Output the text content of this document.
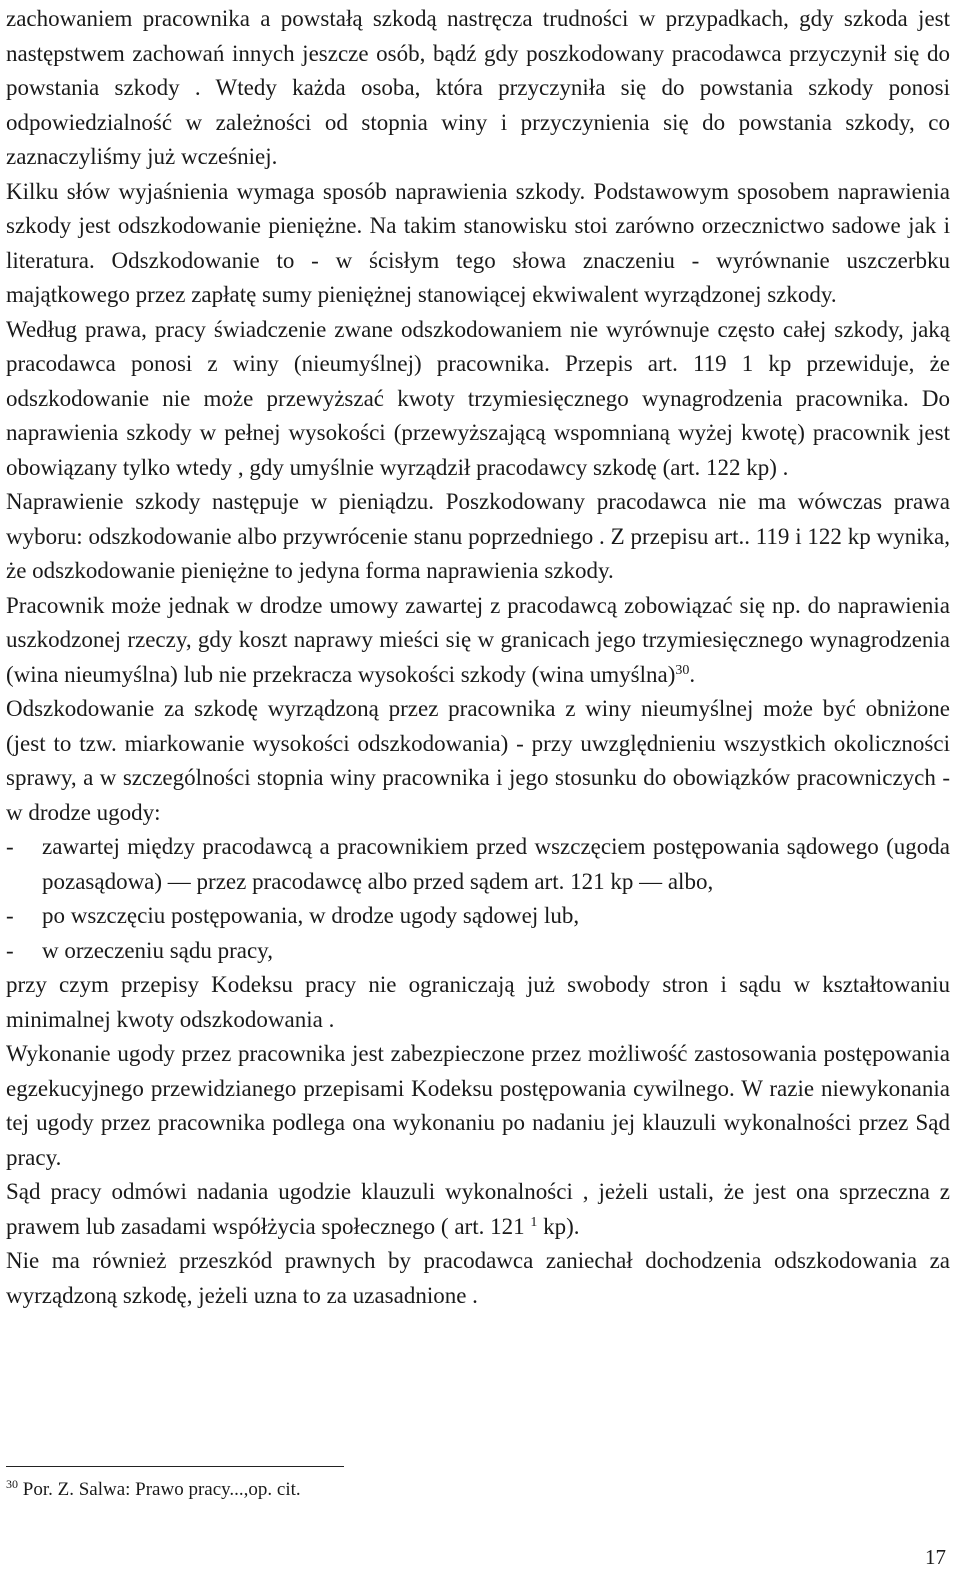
zachowaniem pracownika a powstałą szkodą nastręcza trudności w przypadkach, gdy szkoda jest następstwem zachowań innych jeszcze osób, bądź gdy poszkodowany pracodawca przyczynił się do powstania szkody . Wtedy każda osoba, która przyczyniła się do powstania szkody ponosi odpowiedzialność w zależności od stopnia winy i przyczynienia się do powstania szkody, co zaznaczyliśmy już wcześniej.

Kilku słów wyjaśnienia wymaga sposób naprawienia szkody. Podstawowym sposobem naprawienia szkody jest odszkodowanie pieniężne. Na takim stanowisku stoi zarówno orzecznictwo sadowe jak i literatura. Odszkodowanie to - w ścisłym tego słowa znaczeniu - wyrównanie uszczerbku majątkowego przez zapłatę sumy pieniężnej stanowiącej ekwiwalent wyrządzonej szkody.

Według prawa, pracy świadczenie zwane odszkodowaniem nie wyrównuje często całej szkody, jaką pracodawca ponosi z winy (nieumyślnej) pracownika. Przepis art. 119 1 kp przewiduje, że odszkodowanie nie może przewyższać kwoty trzymiesięcznego wynagrodzenia pracownika. Do naprawienia szkody w pełnej wysokości (przewyższającą wspomnianą wyżej kwotę) pracownik jest obowiązany tylko wtedy , gdy umyślnie wyrządził pracodawcy szkodę (art. 122 kp) .

Naprawienie szkody następuje w pieniądzu. Poszkodowany pracodawca nie ma wówczas prawa wyboru: odszkodowanie albo przywrócenie stanu poprzedniego . Z przepisu art.. 119 i 122 kp wynika, że odszkodowanie pieniężne to jedyna forma naprawienia szkody.

Pracownik może jednak w drodze umowy zawartej z pracodawcą zobowiązać się np. do naprawienia uszkodzonej rzeczy, gdy koszt naprawy mieści się w granicach jego trzymiesięcznego wynagrodzenia (wina nieumyślna) lub nie przekracza wysokości szkody (wina umyślna)$^{30}$.

Odszkodowanie za szkodę wyrządzoną przez pracownika z winy nieumyślnej może być obniżone (jest to tzw. miarkowanie wysokości odszkodowania) - przy uwzględnieniu wszystkich okoliczności sprawy, a w szczególności stopnia winy pracownika i jego stosunku do obowiązków pracowniczych - w drodze ugody:

- zawartej między pracodawcą a pracownikiem przed wszczęciem postępowania sądowego (ugoda pozasądowa) ― przez pracodawcę albo przed sądem art. 121 kp ― albo,
- po wszczęciu postępowania, w drodze ugody sądowej lub,
- w orzeczeniu sądu pracy,

przy czym przepisy Kodeksu pracy nie ograniczają już swobody stron i sądu w kształtowaniu minimalnej kwoty odszkodowania .

Wykonanie ugody przez pracownika jest zabezpieczone przez możliwość zastosowania postępowania egzekucyjnego przewidzianego przepisami Kodeksu postępowania cywilnego. W razie niewykonania tej ugody przez pracownika podlega ona wykonaniu po nadaniu jej klauzuli wykonalności przez Sąd pracy.

Sąd pracy odmówi nadania ugodzie klauzuli wykonalności , jeżeli ustali, że jest ona sprzeczna z prawem lub zasadami współżycia społecznego ( art. 121 $^1$ kp).

Nie ma również przeszkód prawnych by pracodawca zaniechał dochodzenia odszkodowania za wyrządzoną szkodę, jeżeli uzna to za uzasadnione .

$^{30}$ Por. Z. Salwa: Prawo pracy...,op. cit.
17
